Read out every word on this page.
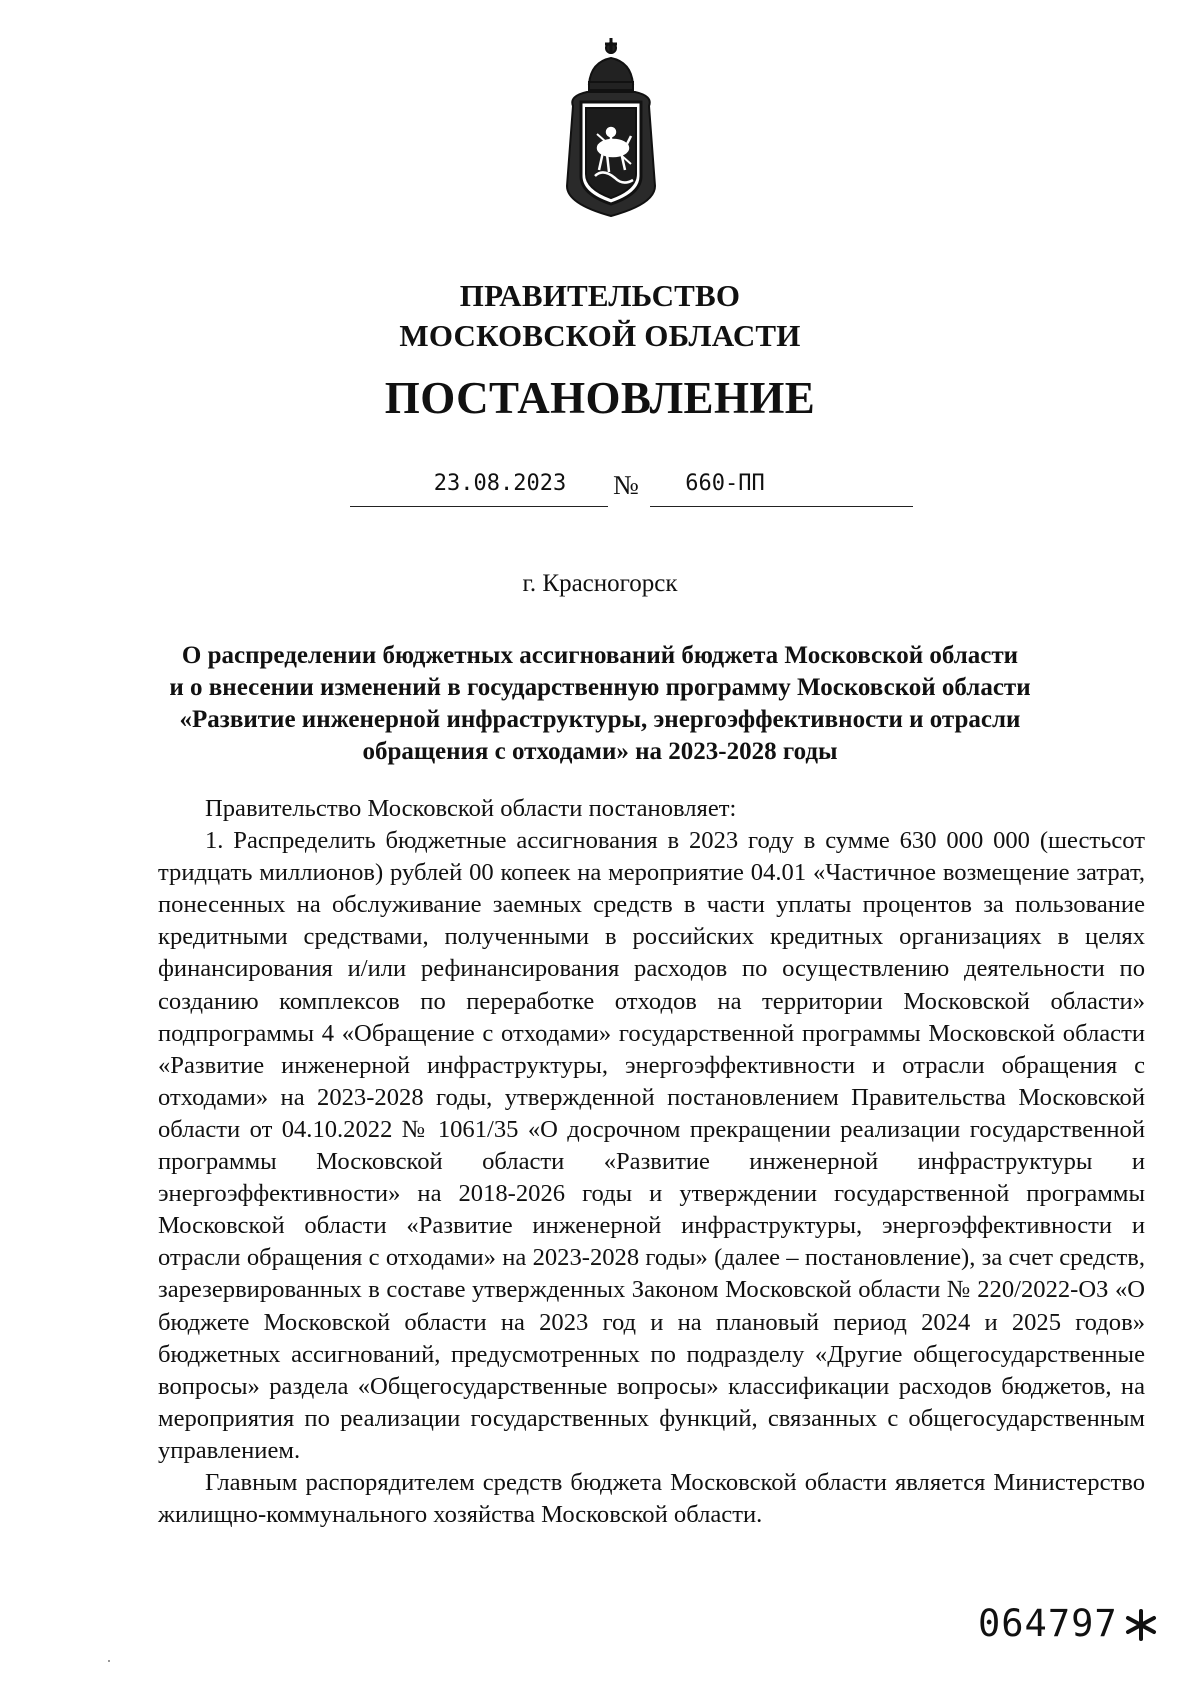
ПРАВИТЕЛЬСТВО
МОСКОВСКОЙ ОБЛАСТИ
ПОСТАНОВЛЕНИЕ
23.08.2023	№	660-ПП
г. Красногорск
О распределении бюджетных ассигнований бюджета Московской области
и о внесении изменений в государственную программу Московской области
«Развитие инженерной инфраструктуры, энергоэффективности и отрасли
обращения с отходами» на 2023-2028 годы

Правительство Московской области постановляет:

1. Распределить бюджетные ассигнования в 2023 году в сумме 630 000 000 (шестьсот тридцать миллионов) рублей 00 копеек на мероприятие 04.01 «Частичное возмещение затрат, понесенных на обслуживание заемных средств в части уплаты процентов за пользование кредитными средствами, полученными в российских кредитных организациях в целях финансирования и/или рефинансирования расходов по осуществлению деятельности по созданию комплексов по переработке отходов на территории Московской области» подпрограммы 4 «Обращение с отходами» государственной программы Московской области «Развитие инженерной инфраструктуры, энергоэффективности и отрасли обращения с отходами» на 2023-2028 годы, утвержденной постановлением Правительства Московской области от 04.10.2022 № 1061/35 «О досрочном прекращении реализации государственной программы Московской области «Развитие инженерной инфраструктуры и энергоэффективности» на 2018-2026 годы и утверждении государственной программы Московской области «Развитие инженерной инфраструктуры, энергоэффективности и отрасли обращения с отходами» на 2023-2028 годы» (далее – постановление), за счет средств, зарезервированных в составе утвержденных Законом Московской области № 220/2022-ОЗ «О бюджете Московской области на 2023 год и на плановый период 2024 и 2025 годов» бюджетных ассигнований, предусмотренных по подразделу «Другие общегосударственные вопросы» раздела «Общегосударственные вопросы» классификации расходов бюджетов, на мероприятия по реализации государственных функций, связанных с общегосударственным управлением.

Главным распорядителем средств бюджета Московской области является Министерство жилищно-коммунального хозяйства Московской области.

064797
